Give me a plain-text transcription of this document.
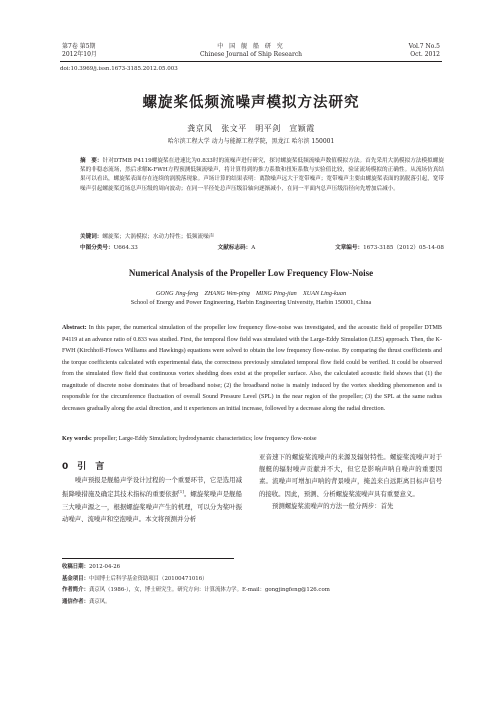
第7卷 第5期
2012年10月
中 国 舰 船 研 究
Chinese Journal of Ship Research
Vol.7 No.5
Oct. 2012
doi:10.3969/j.issn.1673-3185.2012.05.003
螺旋桨低频流噪声模拟方法研究
龚京风　张文平　明平剑　宣颖霞
哈尔滨工程大学 动力与能源工程学院，黑龙江 哈尔滨 150001
摘　要：针对DTMB P4119螺旋桨在进速比为0.833时的流噪声进行研究，探讨螺旋桨低频流噪声数值模拟方法。首先采用大涡模拟方法模拟螺旋桨的非稳态流场，然后求解K-FWH方程预测低频流噪声，将计算得到的推力系数和扭矩系数与实验值比较，验证流场模拟的正确性。从流场仿真结果可以看出，螺旋桨表面存在连续的涡脱落现象。声场计算的结果表明：离散噪声远大于宽带噪声；宽带噪声主要由螺旋桨表面的涡脱落引起，宽带噪声引起螺旋桨近场总声压级的周向波动；在同一半径处总声压级沿轴向逐渐减小，在同一平面内总声压级沿径向先增加后减小。
关键词：螺旋桨；大涡模拟；水动力特性；低频流噪声
中图分类号：U664.33	文献标志码：A	文章编号：1673-3185（2012）05-14-08
Numerical Analysis of the Propeller Low Frequency Flow-Noise
GONG Jing-feng　ZHANG Wen-ping　MING Ping-jian　XUAN Ling-kuan
School of Energy and Power Engineering, Harbin Engineering University, Harbin 150001, China
Abstract: In this paper, the numerical simulation of the propeller low frequency flow-noise was investigated, and the acoustic field of propeller DTMB P4119 at an advance ratio of 0.833 was studied. First, the temporal flow field was simulated with the Large-Eddy Simulation (LES) approach. Then, the K-FWH (Kirchhoff-Ffowcs Williams and Hawkings) equations were solved to obtain the low frequency flow-noise. By comparing the thrust coefficients and the torque coefficients calculated with experimental data, the correctness previously simulated temporal flow field could be verified. It could be observed from the simulated flow field that continuous vortex shedding does exist at the propeller surface. Also, the calculated acoustic field shows that (1) the magnitude of discrete noise dominates that of broadband noise; (2) the broadband noise is mainly induced by the vortex shedding phenomenon and is responsible for the circumference fluctuation of overall Sound Pressure Level (SPL) in the near region of the propeller; (3) the SPL at the same radius decreases gradually along the axial direction, and it experiences an initial increase, followed by a decrease along the radial direction.
Key words: propeller; Large-Eddy Simulation; hydrodynamic characteristics; low frequency flow-noise
0　引　言
噪声预报是舰船声学设计过程的一个重要环节，它是选用减振降噪措施及确定其技术指标的重要依据[1]。螺旋桨噪声是舰船三大噪声源之一，根据螺旋桨噪声产生的机理，可以分为桨叶振动噪声、流噪声和空泡噪声。本文将预测并分析

亚音速下的螺旋桨流噪声的来源及辐射特性。螺旋桨流噪声对于舰艇的辐射噪声贡献并不大，但它是影响声呐自噪声的重要因素。流噪声可增加声呐的背景噪声，掩盖来自远距离目标声信号的接收。因此，预测、分析螺旋桨流噪声具有重要意义。

预测螺旋桨流噪声的方法一般分两步：首先

收稿日期：2012-04-26
基金项目：中国博士后科学基金资助项目（20100471016）
作者简介：龚京风（1986-），女，博士研究生。研究方向：计算流体力学。E-mail：gongjingfeng@126.com
通信作者：龚京风。
